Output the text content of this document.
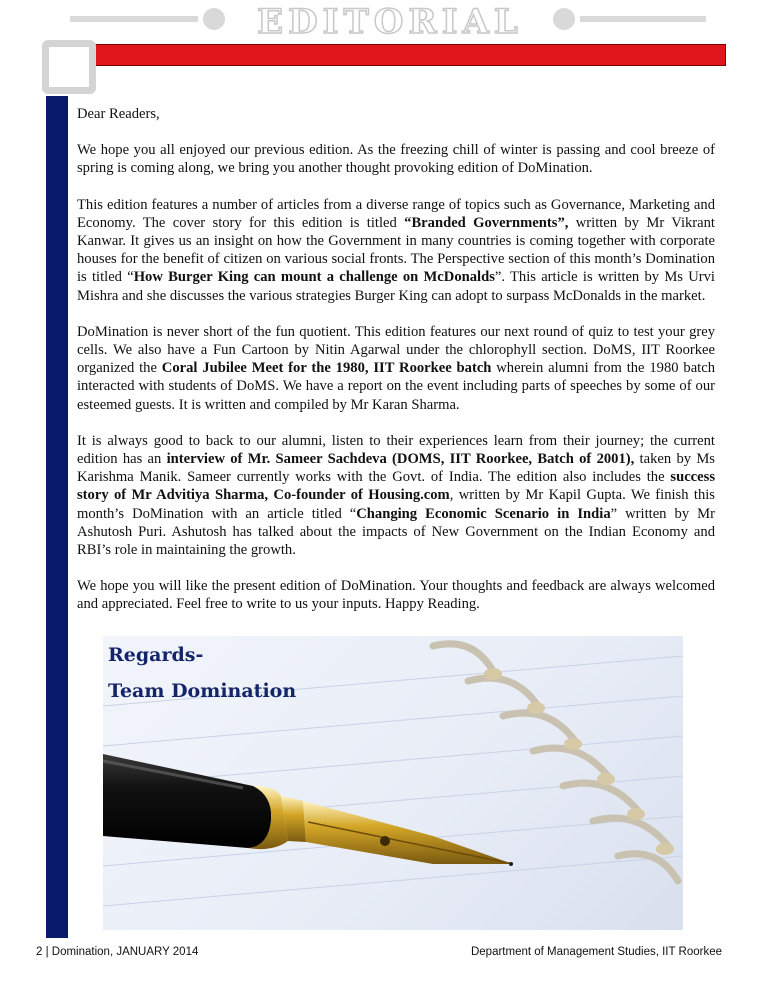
EDITORIAL

Dear Readers,

We hope you all enjoyed our previous edition. As the freezing chill of winter is passing and cool breeze of spring is coming along, we bring you another thought provoking edition of DoMination.

This edition features a number of articles from a diverse range of topics such as Governance, Marketing and Economy. The cover story for this edition is titled “Branded Governments”, written by Mr Vikrant Kanwar. It gives us an insight on how the Government in many countries is coming together with corporate houses for the benefit of citizen on various social fronts. The Perspective section of this month’s Domination is titled “How Burger King can mount a challenge on McDonalds”. This article is written by Ms Urvi Mishra and she discusses the various strategies Burger King can adopt to surpass McDonalds in the market.

DoMination is never short of the fun quotient. This edition features our next round of quiz to test your grey cells. We also have a Fun Cartoon by Nitin Agarwal under the chlorophyll section. DoMS, IIT Roorkee organized the Coral Jubilee Meet for the 1980, IIT Roorkee batch wherein alumni from the 1980 batch interacted with students of DoMS. We have a report on the event including parts of speeches by some of our esteemed guests. It is written and compiled by Mr Karan Sharma.

It is always good to back to our alumni, listen to their experiences learn from their journey; the current edition has an interview of Mr. Sameer Sachdeva (DOMS, IIT Roorkee, Batch of 2001), taken by Ms Karishma Manik. Sameer currently works with the Govt. of India. The edition also includes the success story of Mr Advitiya Sharma, Co-founder of Housing.com, written by Mr Kapil Gupta. We finish this month’s DoMination with an article titled “Changing Economic Scenario in India” written by Mr Ashutosh Puri. Ashutosh has talked about the impacts of New Government on the Indian Economy and RBI’s role in maintaining the growth.

We hope you will like the present edition of DoMination. Your thoughts and feedback are always welcomed and appreciated. Feel free to write to us your inputs. Happy Reading.

Regards-
Team Domination
2 | Domination, JANUARY 2014	Department of Management Studies, IIT Roorkee
